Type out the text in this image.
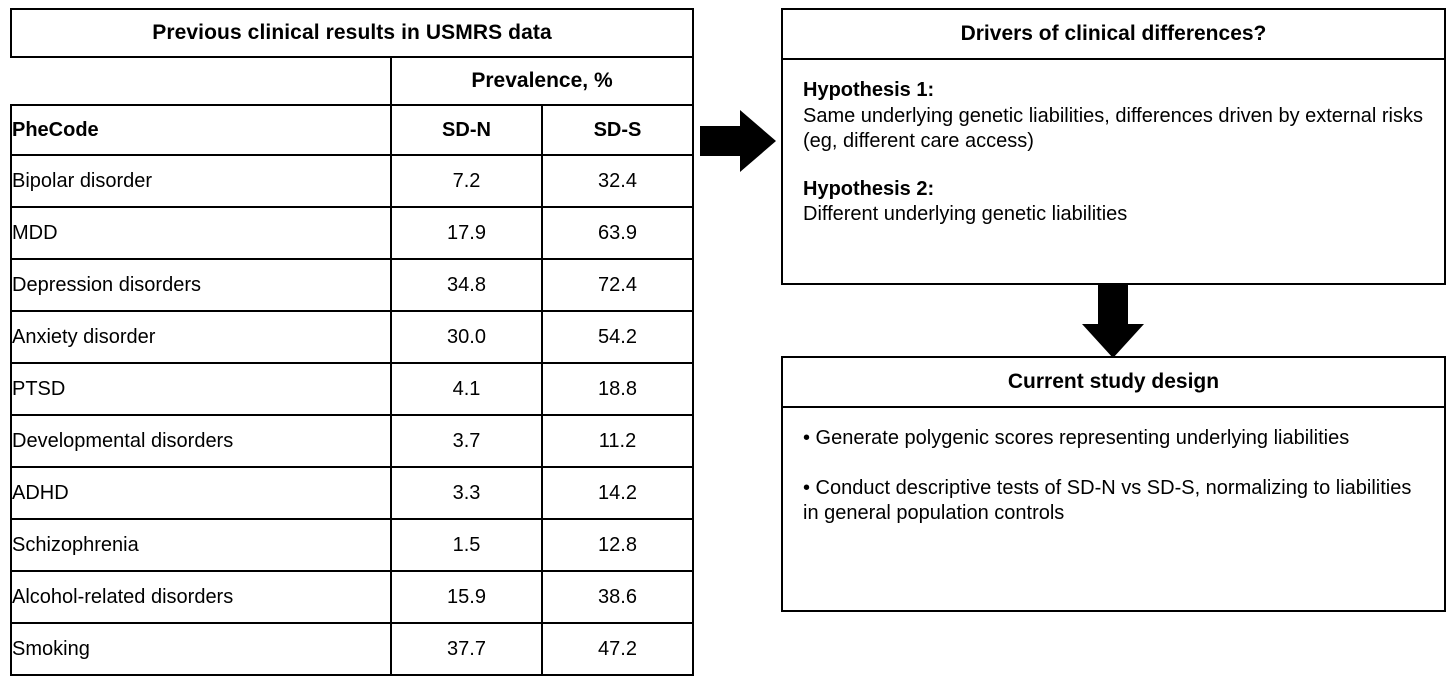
Previous clinical results in USMRS data		
	Prevalence, %	
PheCode	SD-N	SD-S
Bipolar disorder	7.2	32.4
MDD	17.9	63.9
Depression disorders	34.8	72.4
Anxiety disorder	30.0	54.2
PTSD	4.1	18.8
Developmental disorders	3.7	11.2
ADHD	3.3	14.2
Schizophrenia	1.5	12.8
Alcohol-related disorders	15.9	38.6
Smoking	37.7	47.2
Drivers of clinical differences?
Hypothesis 1:
Same underlying genetic liabilities, differences driven by external risks (eg, different care access)
Hypothesis 2:
Different underlying genetic liabilities
Current study design
• Generate polygenic scores representing underlying liabilities
• Conduct descriptive tests of SD-N vs SD-S, normalizing to liabilities in general population controls
